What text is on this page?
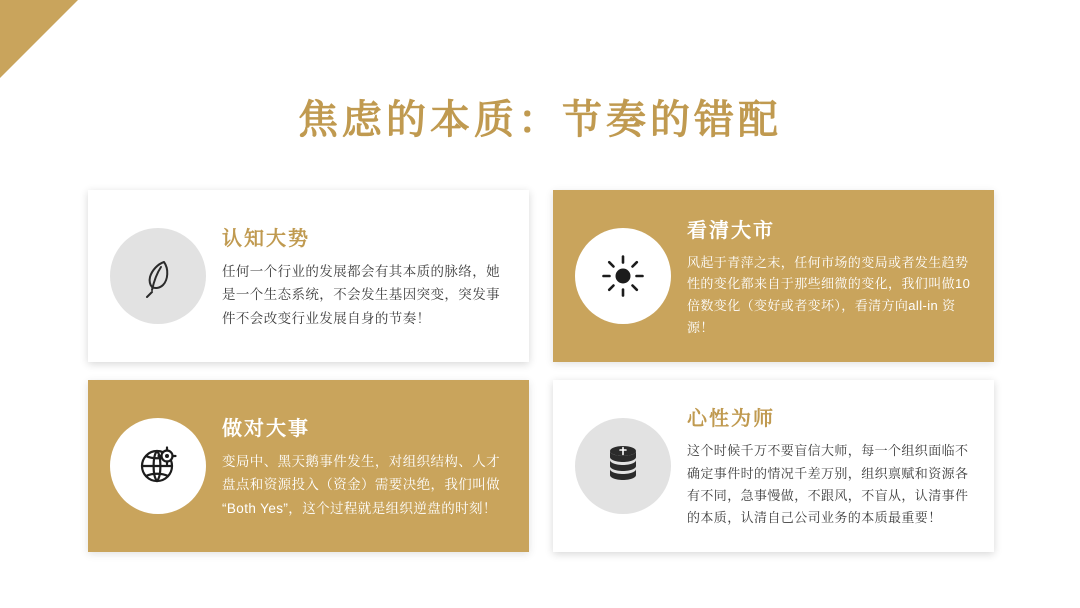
焦虑的本质：节奏的错配
认知大势
任何一个行业的发展都会有其本质的脉络，她是一个生态系统，不会发生基因突变，突发事件不会改变行业发展自身的节奏！
看清大市
风起于青萍之末，任何市场的变局或者发生趋势性的变化都来自于那些细微的变化，我们叫做10倍数变化（变好或者变坏），看清方向all-in 资源！
做对大事
变局中、黑天鹅事件发生，对组织结构、人才盘点和资源投入（资金）需要决绝，我们叫做“Both Yes”，这个过程就是组织逆盘的时刻！
心性为师
这个时候千万不要盲信大师，每一个组织面临不确定事件时的情况千差万别，组织禀赋和资源各有不同，急事慢做，不跟风，不盲从，认清事件的本质，认清自己公司业务的本质最重要！
